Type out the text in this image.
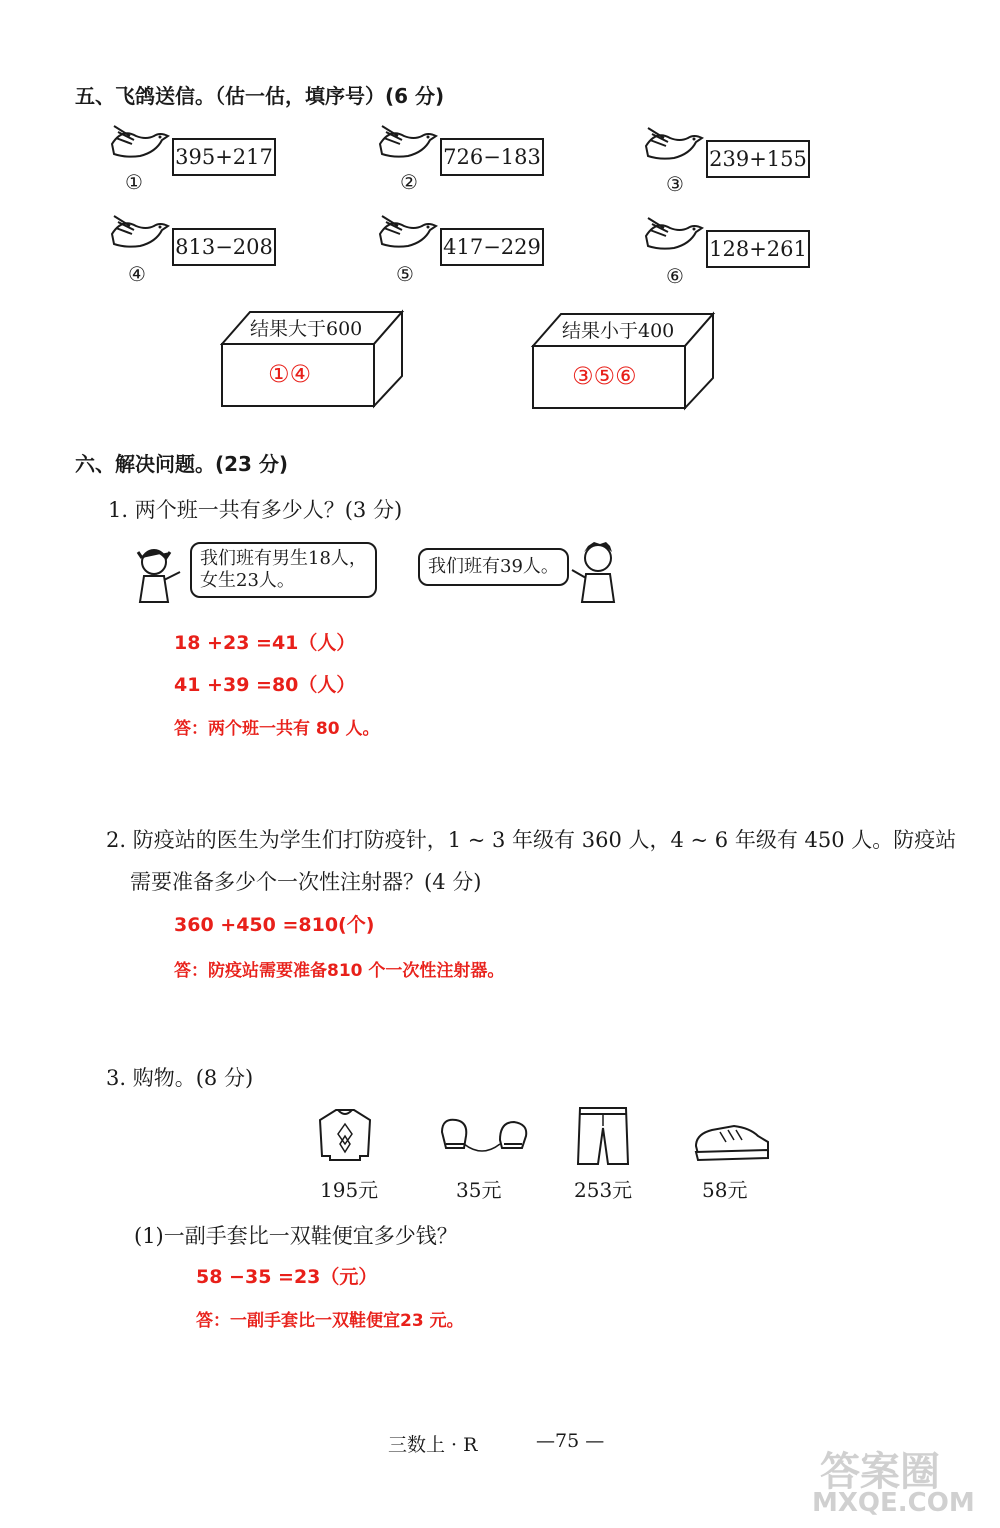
五、飞鸽送信。（估一估，填序号）(6 分)
395+217
①
726−183
②
239+155
③
813−208
④
417−229
⑤
128+261
⑥
结果大于600
①④
结果小于400
③⑤⑥
六、解决问题。(23 分)
1. 两个班一共有多少人？(3 分)
我们班有男生18人，
女生23人。
我们班有39人。
18 +23 =41（人）
41 +39 =80（人）
答：两个班一共有 80 人。
2. 防疫站的医生为学生们打防疫针，1 ~ 3 年级有 360 人，4 ~ 6 年级有 450 人。防疫站
需要准备多少个一次性注射器？(4 分)
360 +450 =810(个)
答：防疫站需要准备810 个一次性注射器。
3. 购物。(8 分)
195元	35元	253元	58元
(1)一副手套比一双鞋便宜多少钱？
58 −35 =23（元）
答：一副手套比一双鞋便宜23 元。
三数上 · R	—75 —
答案圈
MXQE.COM
